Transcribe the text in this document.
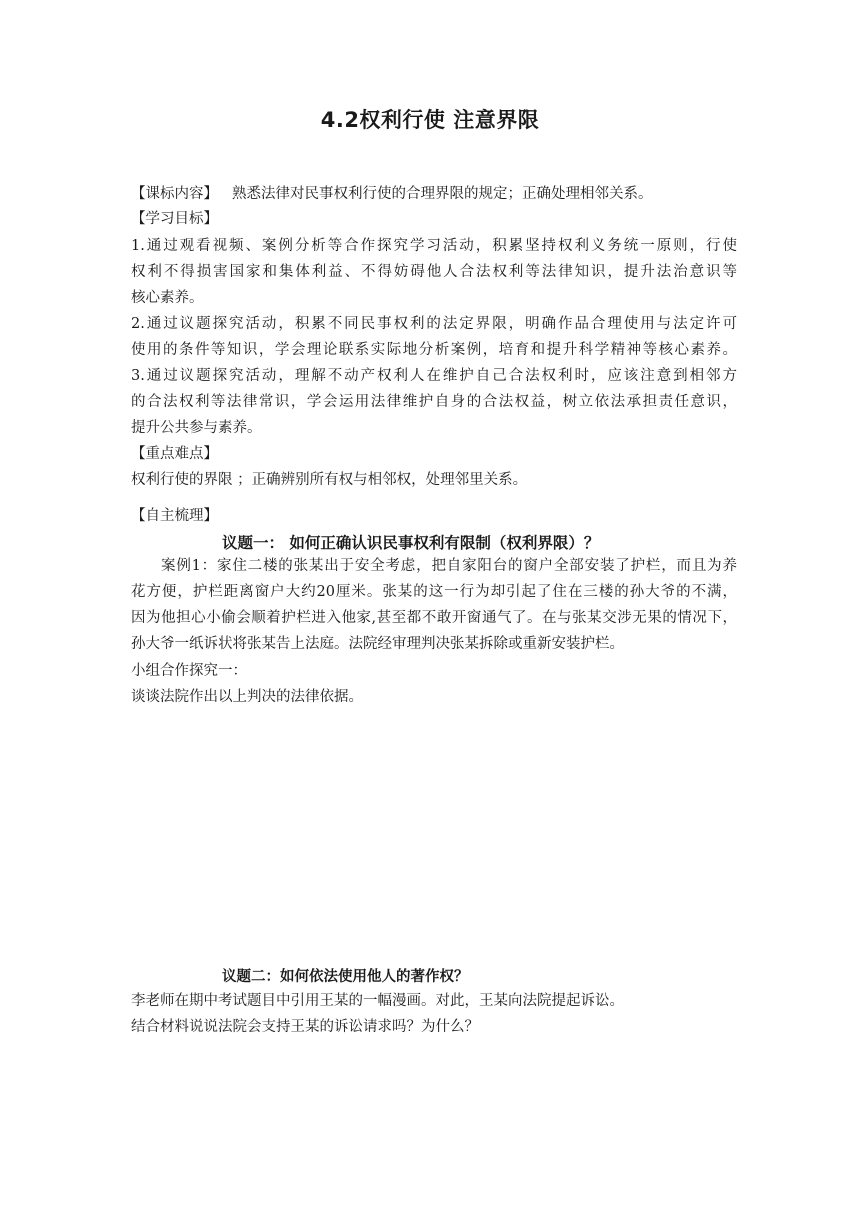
4.2权利行使 注意界限
【课标内容】 熟悉法律对民事权利行使的合理界限的规定；正确处理相邻关系。
【学习目标】
1.通过观看视频、案例分析等合作探究学习活动，积累坚持权利义务统一原则，行使
权利不得损害国家和集体利益、不得妨碍他人合法权利等法律知识，提升法治意识等
核心素养。
2.通过议题探究活动，积累不同民事权利的法定界限，明确作品合理使用与法定许可
使用的条件等知识，学会理论联系实际地分析案例，培育和提升科学精神等核心素养。
3.通过议题探究活动，理解不动产权利人在维护自己合法权利时，应该注意到相邻方
的合法权利等法律常识，学会运用法律维护自身的合法权益，树立依法承担责任意识，
提升公共参与素养。
【重点难点】
权利行使的界限 ；正确辨别所有权与相邻权，处理邻里关系。
【自主梳理】
议题一： 如何正确认识民事权利有限制（权利界限）？
案例1：家住二楼的张某出于安全考虑，把自家阳台的窗户全部安装了护栏，而且为养
花方便，护栏距离窗户大约20厘米。张某的这一行为却引起了住在三楼的孙大爷的不满，
因为他担心小偷会顺着护栏进入他家,甚至都不敢开窗通气了。在与张某交涉无果的情况下，
孙大爷一纸诉状将张某告上法庭。法院经审理判决张某拆除或重新安装护栏。
小组合作探究一：
谈谈法院作出以上判决的法律依据。
议题二：如何依法使用他人的著作权？
李老师在期中考试题目中引用王某的一幅漫画。对此，王某向法院提起诉讼。
结合材料说说法院会支持王某的诉讼请求吗？为什么？
